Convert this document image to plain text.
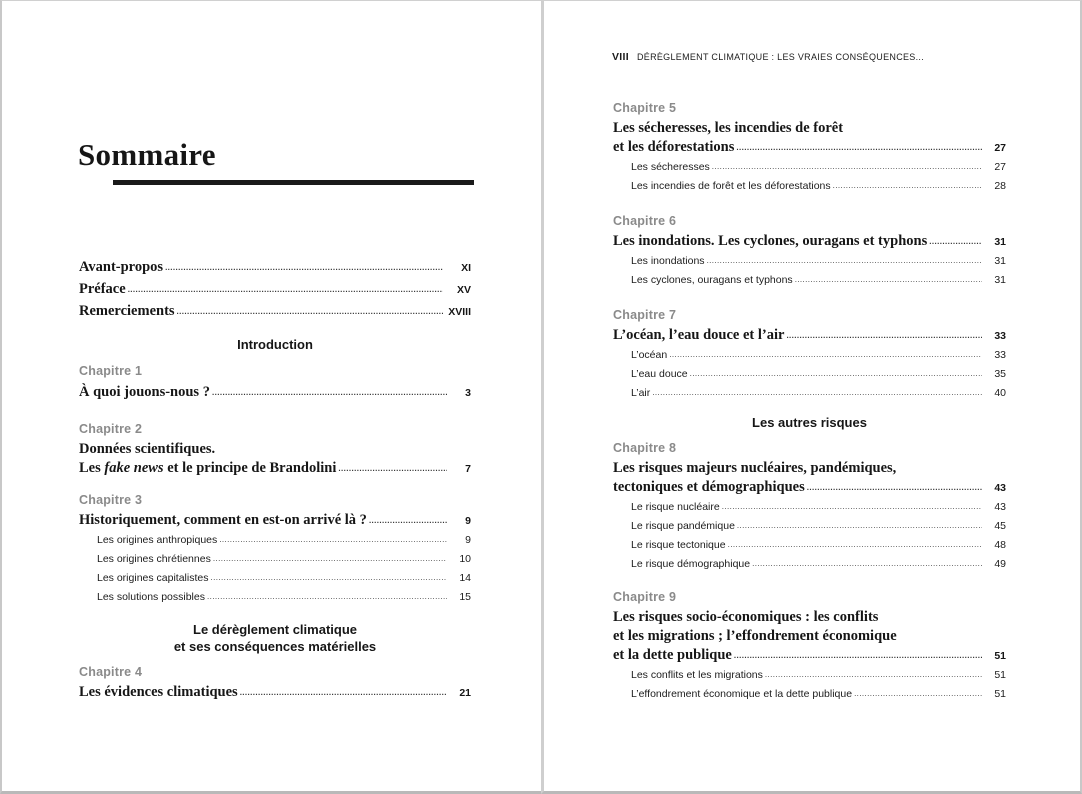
Sommaire
Avant-propos .....	XI
Préface .....	XV
Remerciements .....	XVIII
Introduction
Chapitre 1
À quoi jouons-nous ? .....	3
Chapitre 2
Données scientifiques.
Les fake news et le principe de Brandolini .....	7
Chapitre 3
Historiquement, comment en est-on arrivé là ? .....	9
Les origines anthropiques .....	9
Les origines chrétiennes .....	10
Les origines capitalistes .....	14
Les solutions possibles .....	15
Le dérèglement climatique
et ses conséquences matérielles
Chapitre 4
Les évidences climatiques .....	21
VIII DÉRÈGLEMENT CLIMATIQUE : LES VRAIES CONSÉQUENCES...
Chapitre 5
Les sécheresses, les incendies de forêt
et les déforestations .....	27
Les sécheresses .....	27
Les incendies de forêt et les déforestations .....	28
Chapitre 6
Les inondations. Les cyclones, ouragans et typhons .....	31
Les inondations .....	31
Les cyclones, ouragans et typhons .....	31
Chapitre 7
L’océan, l’eau douce et l’air .....	33
L’océan .....	33
L’eau douce .....	35
L’air .....	40
Les autres risques
Chapitre 8
Les risques majeurs nucléaires, pandémiques,
tectoniques et démographiques .....	43
Le risque nucléaire .....	43
Le risque pandémique .....	45
Le risque tectonique .....	48
Le risque démographique .....	49
Chapitre 9
Les risques socio-économiques : les conflits
et les migrations ; l’effondrement économique
et la dette publique .....	51
Les conflits et les migrations .....	51
L’effondrement économique et la dette publique .....	51
